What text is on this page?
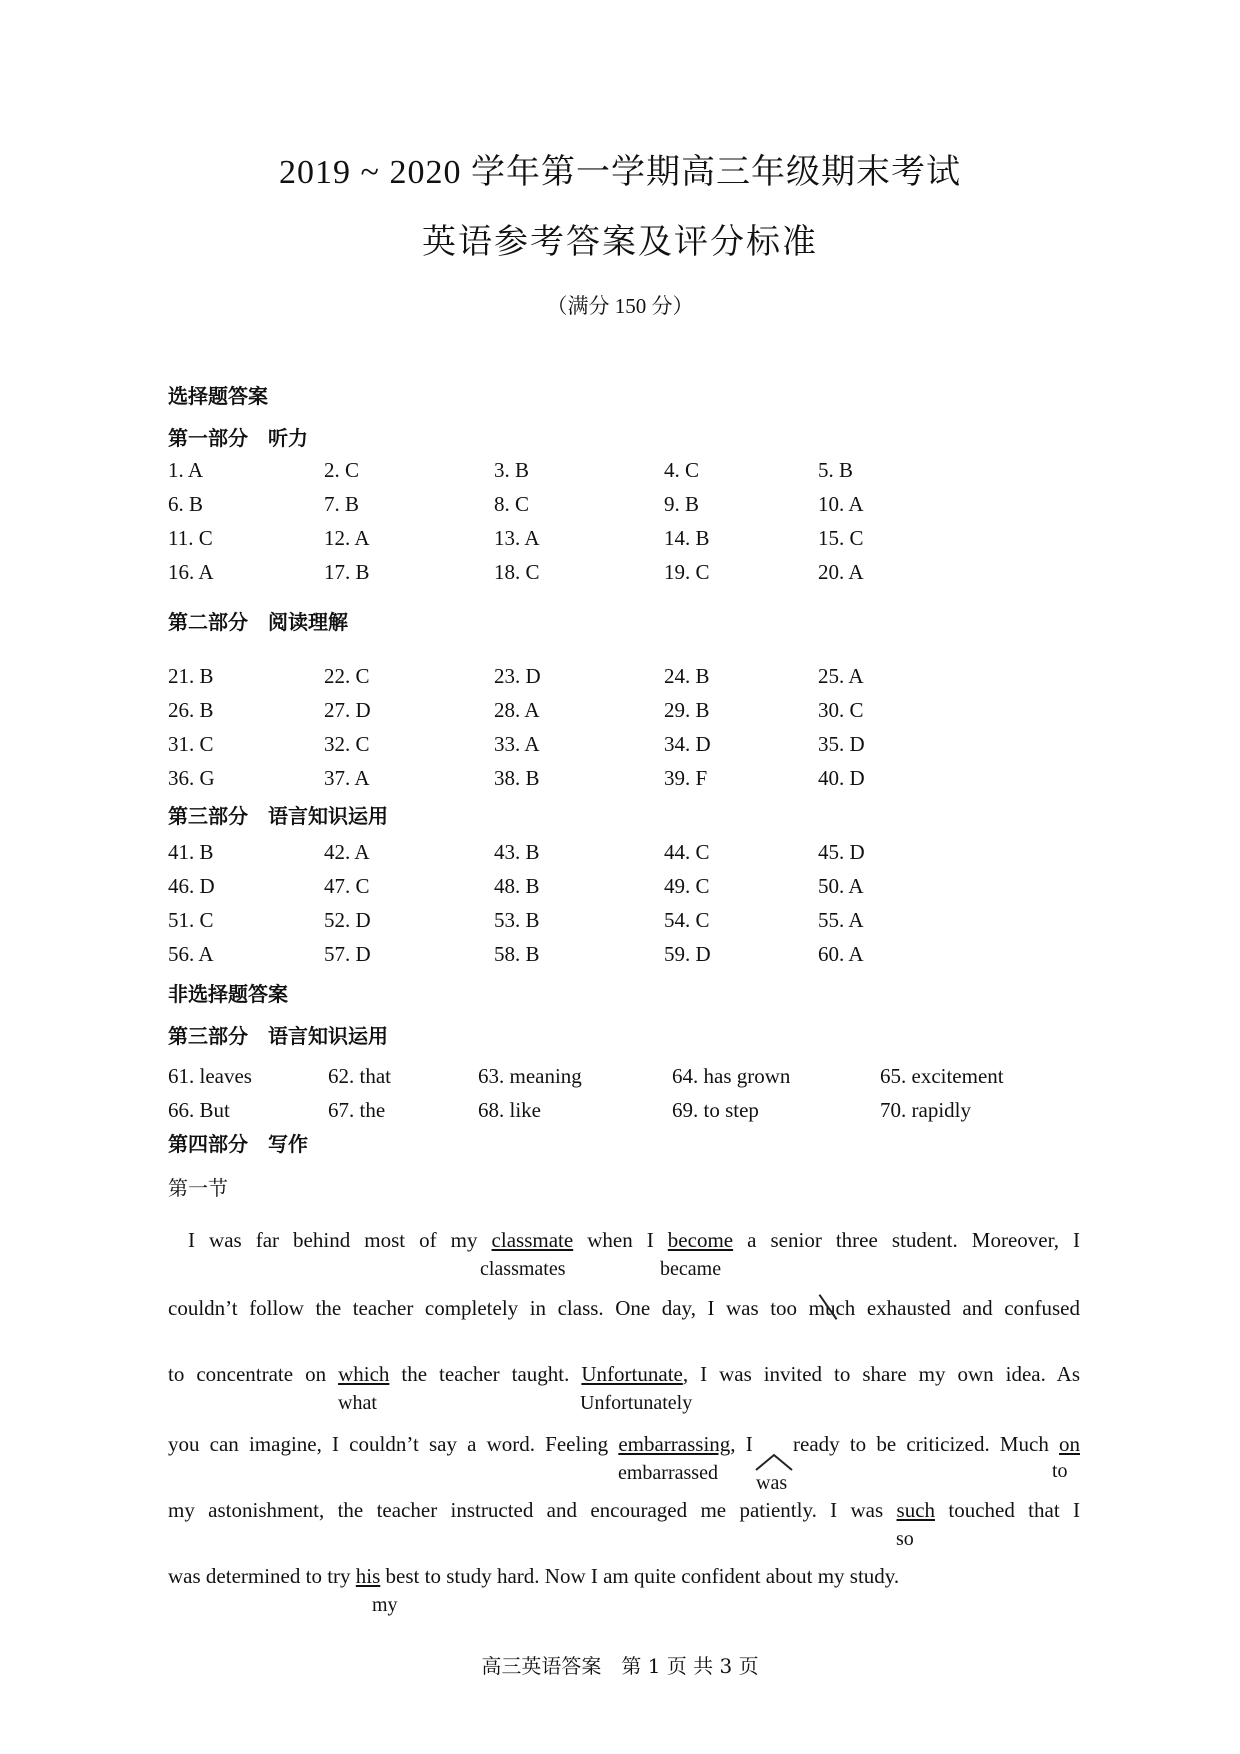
2019 ~ 2020 学年第一学期高三年级期末考试
英语参考答案及评分标准
（满分 150 分）
选择题答案
第一部分　听力
1. A	2. C	3. B	4. C	5. B
6. B	7. B	8. C	9. B	10. A
11. C	12. A	13. A	14. B	15. C
16. A	17. B	18. C	19. C	20. A
第二部分　阅读理解
21. B	22. C	23. D	24. B	25. A
26. B	27. D	28. A	29. B	30. C
31. C	32. C	33. A	34. D	35. D
36. G	37. A	38. B	39. F	40. D
第三部分　语言知识运用
41. B	42. A	43. B	44. C	45. D
46. D	47. C	48. B	49. C	50. A
51. C	52. D	53. B	54. C	55. A
56. A	57. D	58. B	59. D	60. A
非选择题答案
第三部分　语言知识运用
61. leaves	62. that	63. meaning	64. has grown	65. excitement
66. But	67. the	68. like	69. to step	70. rapidly
第四部分　写作
第一节
I was far behind most of my classmate when I become a senior three student. Moreover, I
couldn’t follow the teacher completely in class. One day, I was too much exhausted and confused
to concentrate on which the teacher taught. Unfortunate, I was invited to share my own idea. As
you can imagine, I couldn’t say a word. Feeling embarrassing, I ready to be criticized. Much on
my astonishment, the teacher instructed and encouraged me patiently. I was such touched that I
was determined to try his best to study hard. Now I am quite confident about my study.
classmates	became
what	Unfortunately
embarrassed was
to
so
my
高三英语答案　第 1 页 共 3 页
